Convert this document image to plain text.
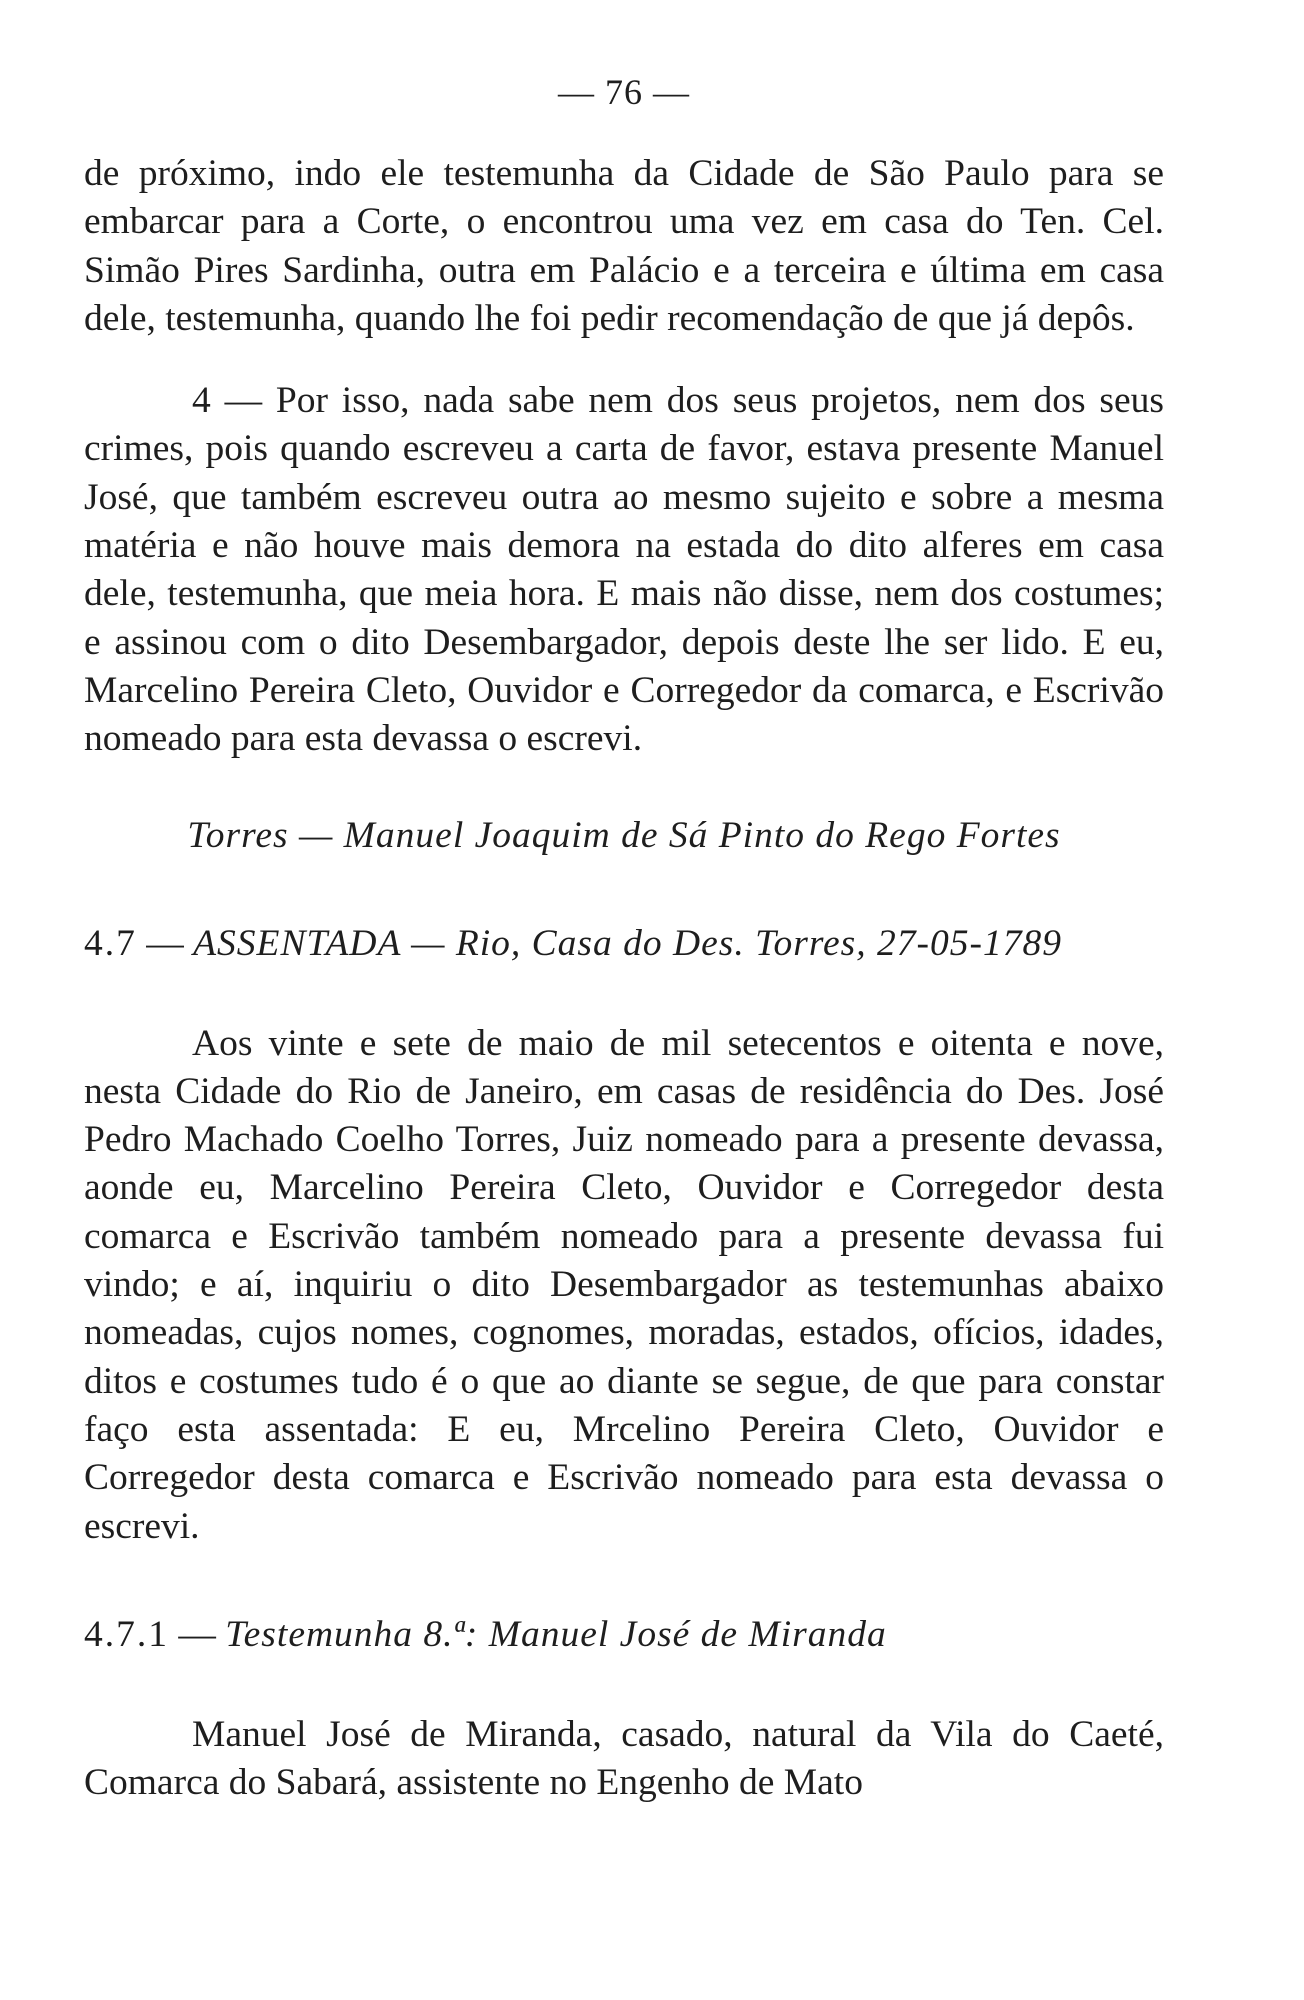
— 76 —

de próximo, indo ele testemunha da Cidade de São Paulo para se embarcar para a Corte, o encontrou uma vez em casa do Ten. Cel. Simão Pires Sardinha, outra em Palácio e a terceira e última em casa dele, testemunha, quando lhe foi pedir recomendação de que já depôs.

4 — Por isso, nada sabe nem dos seus projetos, nem dos seus crimes, pois quando escreveu a carta de favor, estava presente Manuel José, que também escreveu outra ao mesmo sujeito e sobre a mesma matéria e não houve mais demora na estada do dito alferes em casa dele, testemunha, que meia hora. E mais não disse, nem dos costumes; e assinou com o dito Desembargador, depois deste lhe ser lido. E eu, Marcelino Pereira Cleto, Ouvidor e Corregedor da comarca, e Escrivão nomeado para esta devassa o escrevi.

Torres — Manuel Joaquim de Sá Pinto do Rego Fortes

4.7 — ASSENTADA — Rio, Casa do Des. Torres, 27-05-1789

Aos vinte e sete de maio de mil setecentos e oitenta e nove, nesta Cidade do Rio de Janeiro, em casas de residência do Des. José Pedro Machado Coelho Torres, Juiz nomeado para a presente devassa, aonde eu, Marcelino Pereira Cleto, Ouvidor e Corregedor desta comarca e Escrivão também nomeado para a presente devassa fui vindo; e aí, inquiriu o dito Desembargador as testemunhas abaixo nomeadas, cujos nomes, cognomes, moradas, estados, ofícios, idades, ditos e costumes tudo é o que ao diante se segue, de que para constar faço esta assentada: E eu, Mrcelino Pereira Cleto, Ouvidor e Corregedor desta comarca e Escrivão nomeado para esta devassa o escrevi.

4.7.1 — Testemunha 8.ª: Manuel José de Miranda

Manuel José de Miranda, casado, natural da Vila do Caeté, Comarca do Sabará, assistente no Engenho de Mato
